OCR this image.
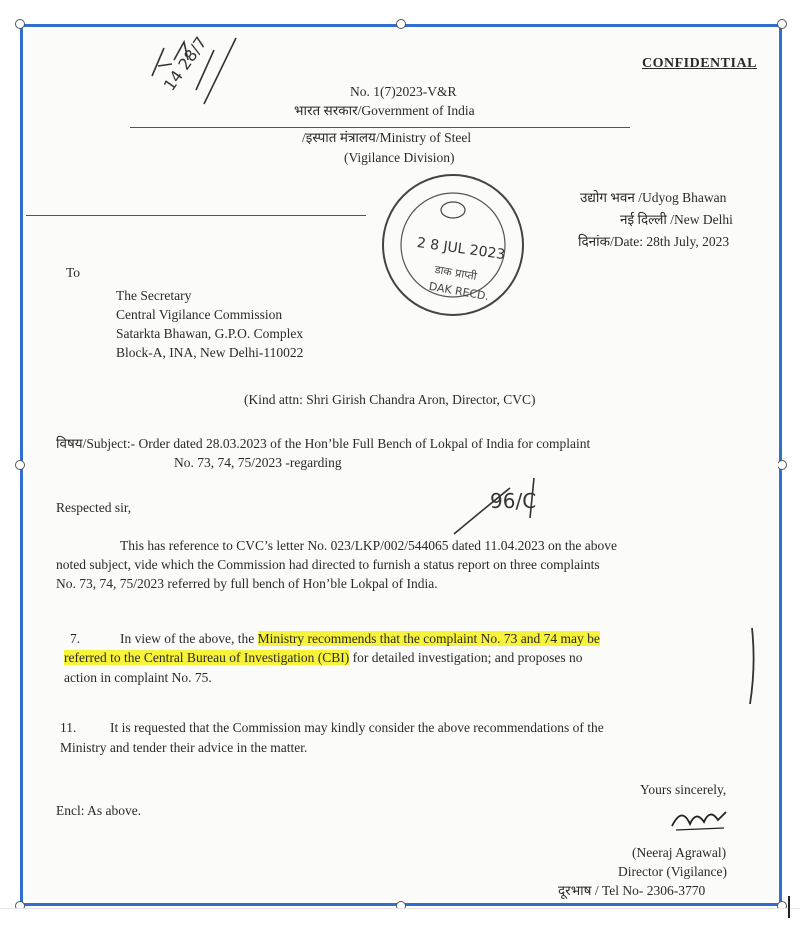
CONFIDENTIAL
14 28/7	No. 1(7)2023-V&R
भारत सरकार/Government of India
/इस्पात मंत्रालय/Ministry of Steel
(Vigilance Division)
उद्योग भवन /Udyog Bhawan
नई दिल्ली /New Delhi
दिनांक/Date: 28th July, 2023
2 8 JUL 2023
डाक प्राप्ती
DAK RECD.
To
The Secretary
Central Vigilance Commission
Satarkta Bhawan, G.P.O. Complex
Block-A, INA, New Delhi-110022
(Kind attn: Shri Girish Chandra Aron, Director, CVC)
विषय/Subject:- Order dated 28.03.2023 of the Hon’ble Full Bench of Lokpal of India for complaint
No. 73, 74, 75/2023 -regarding
Respected sir,	96/C
This has reference to CVC’s letter No. 023/LKP/002/544065 dated 11.04.2023 on the above
noted subject, vide which the Commission had directed to furnish a status report on three complaints
No. 73, 74, 75/2023 referred by full bench of Hon’ble Lokpal of India.
7.	In view of the above, the Ministry recommends that the complaint No. 73 and 74 may be
referred to the Central Bureau of Investigation (CBI) for detailed investigation; and proposes no
action in complaint No. 75.
11. It is requested that the Commission may kindly consider the above recommendations of the
Ministry and tender their advice in the matter.
Yours sincerely,
Encl: As above.
(Neeraj Agrawal)
Director (Vigilance)
दूरभाष / Tel No- 2306-3770
